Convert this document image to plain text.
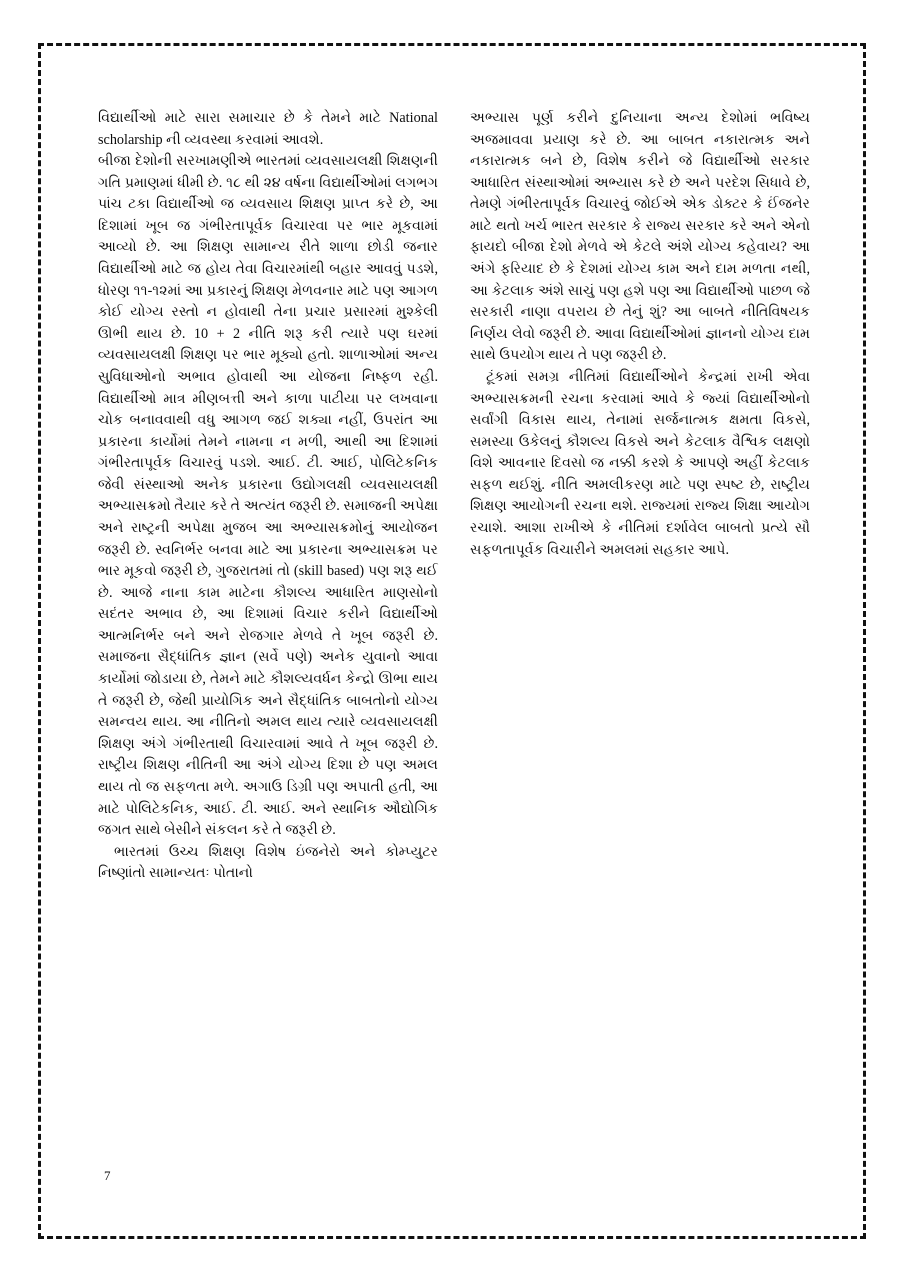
વિદ્યાર્થીઓ માટે સારા સમાચાર છે કે તેમને માટે National scholarship ની વ્યવસ્થા કરવામાં આવશે.

બીજા દેશોની સરખામણીએ ભારતમાં વ્યવસાયલક્ષી શિક્ષણની ગતિ પ્રમાણમાં ધીમી છે. ૧૮ થી ૨૪ વર્ષના વિદ્યાર્થીઓમાં લગભગ પાંચ ટકા વિદ્યાર્થીઓ જ વ્યવસાય શિક્ષણ પ્રાપ્ત કરે છે, આ દિશામાં ખૂબ જ ગંભીરતાપૂર્વક વિચારવા પર ભાર મૂકવામાં આવ્યો છે. આ શિક્ષણ સામાન્ય રીતે શાળા છોડી જનાર વિદ્યાર્થીઓ માટે જ હોય તેવા વિચારમાંથી બહાર આવવું પડશે, ધોરણ ૧૧-૧૨માં આ પ્રકારનું શિક્ષણ મેળવનાર માટે પણ આગળ કોઈ યોગ્ય રસ્તો ન હોવાથી તેના પ્રચાર પ્રસારમાં મુશ્કેલી ઊભી થાય છે. 10 + 2 નીતિ શરૂ કરી ત્યારે પણ ઘરમાં વ્યવસાયલક્ષી શિક્ષણ પર ભાર મૂક્યો હતો. શાળાઓમાં અન્ય સુવિધાઓનો અભાવ હોવાથી આ યોજના નિષ્ફળ રહી. વિદ્યાર્થીઓ માત્ર મીણબત્તી અને કાળા પાટીયા પર લખવાના ચોક બનાવવાથી વધુ આગળ જઈ શક્યા નહીં, ઉપરાંત આ પ્રકારના કાર્યોમાં તેમને નામના ન મળી, આથી આ દિશામાં ગંભીરતાપૂર્વક વિચારવું પડશે. આઈ. ટી. આઈ, પોલિટેકનિક જેવી સંસ્થાઓ અનેક પ્રકારના ઉદ્યોગલક્ષી વ્યવસાયલક્ષી અભ્યાસક્રમો તૈયાર કરે તે અત્યંત જરૂરી છે. સમાજની અપેક્ષા અને રાષ્ટ્રની અપેક્ષા મુજબ આ અભ્યાસક્રમોનું આયોજન જરૂરી છે. સ્વનિર્ભર બનવા માટે આ પ્રકારના અભ્યાસક્રમ પર ભાર મૂકવો જરૂરી છે, ગુજરાતમાં તો (skill based) પણ શરૂ થઈ છે. આજે નાના કામ માટેના કૌશલ્ય આધારિત માણસોનો સદંતર અભાવ છે, આ દિશામાં વિચાર કરીને વિદ્યાર્થીઓ આત્મનિર્ભર બને અને રોજગાર મેળવે તે ખૂબ જરૂરી છે. સમાજના સૈદ્ધાંતિક જ્ઞાન (સર્વે પણે) અનેક યુવાનો આવા કાર્યોમાં જોડાયા છે, તેમને માટે કૌશલ્યવર્ધન કેન્દ્રો ઊભા થાય તે જરૂરી છે, જેથી પ્રાયોગિક અને સૈદ્ધાંતિક બાબતોનો યોગ્ય સમન્વય થાય. આ નીતિનો અમલ થાય ત્યારે વ્યવસાયલક્ષી શિક્ષણ અંગે ગંભીરતાથી વિચારવામાં આવે તે ખૂબ જરૂરી છે. રાષ્ટ્રીય શિક્ષણ નીતિની આ અંગે યોગ્ય દિશા છે પણ અમલ થાય તો જ સફળતા મળે. અગાઉ ડિગ્રી પણ અપાતી હતી, આ માટે પોલિટેકનિક, આઈ. ટી. આઈ. અને સ્થાનિક ઔદ્યોગિક જગત સાથે બેસીને સંકલન કરે તે જરૂરી છે.

ભારતમાં ઉચ્ચ શિક્ષણ વિશેષ ઇંજનેરો અને કોમ્પ્યુટર નિષ્ણાંતો સામાન્યતઃ પોતાનો

અભ્યાસ પૂર્ણ કરીને દુનિયાના અન્ય દેશોમાં ભવિષ્ય અજમાવવા પ્રયાણ કરે છે. આ બાબત નકારાત્મક અને નકારાત્મક બને છે, વિશેષ કરીને જે વિદ્યાર્થીઓ સરકાર આધારિત સંસ્થાઓમાં અભ્યાસ કરે છે અને પરદેશ સિધાવે છે, તેમણે ગંભીરતાપૂર્વક વિચારવું જોઈએ એક ડોક્ટર કે ઈંજનેર માટે થતો ખર્ચ ભારત સરકાર કે રાજ્ય સરકાર કરે અને એનો ફાયદો બીજા દેશો મેળવે એ કેટલે અંશે યોગ્ય કહેવાય? આ અંગે ફરિયાદ છે કે દેશમાં યોગ્ય કામ અને દામ મળતા નથી, આ કેટલાક અંશે સાચું પણ હશે પણ આ વિદ્યાર્થીઓ પાછળ જે સરકારી નાણા વપરાય છે તેનું શું? આ બાબતે નીતિવિષયક નિર્ણય લેવો જરૂરી છે. આવા વિદ્યાર્થીઓમાં જ્ઞાનનો યોગ્ય દામ સાથે ઉપયોગ થાય તે પણ જરૂરી છે.

ટૂંકમાં સમગ્ર નીતિમાં વિદ્યાર્થીઓને કેન્દ્રમાં રાખી એવા અભ્યાસક્રમની રચના કરવામાં આવે કે જ્યાં વિદ્યાર્થીઓનો સર્વાંગી વિકાસ થાય, તેનામાં સર્જનાત્મક ક્ષમતા વિકસે, સમસ્યા ઉકેલનું કૌશલ્ય વિકસે અને કેટલાક વૈશ્વિક લક્ષણો વિશે આવનાર દિવસો જ નક્કી કરશે કે આપણે અહીં કેટલાક સફળ થઈશું. નીતિ અમલીકરણ માટે પણ સ્પષ્ટ છે, રાષ્ટ્રીય શિક્ષણ આયોગની રચના થશે. રાજ્યમાં રાજ્ય શિક્ષા આયોગ રચાશે. આશા રાખીએ કે નીતિમાં દર્શાવેલ બાબતો પ્રત્યે સૌ સફળતાપૂર્વક વિચારીને અમલમાં સહકાર આપે.

7
